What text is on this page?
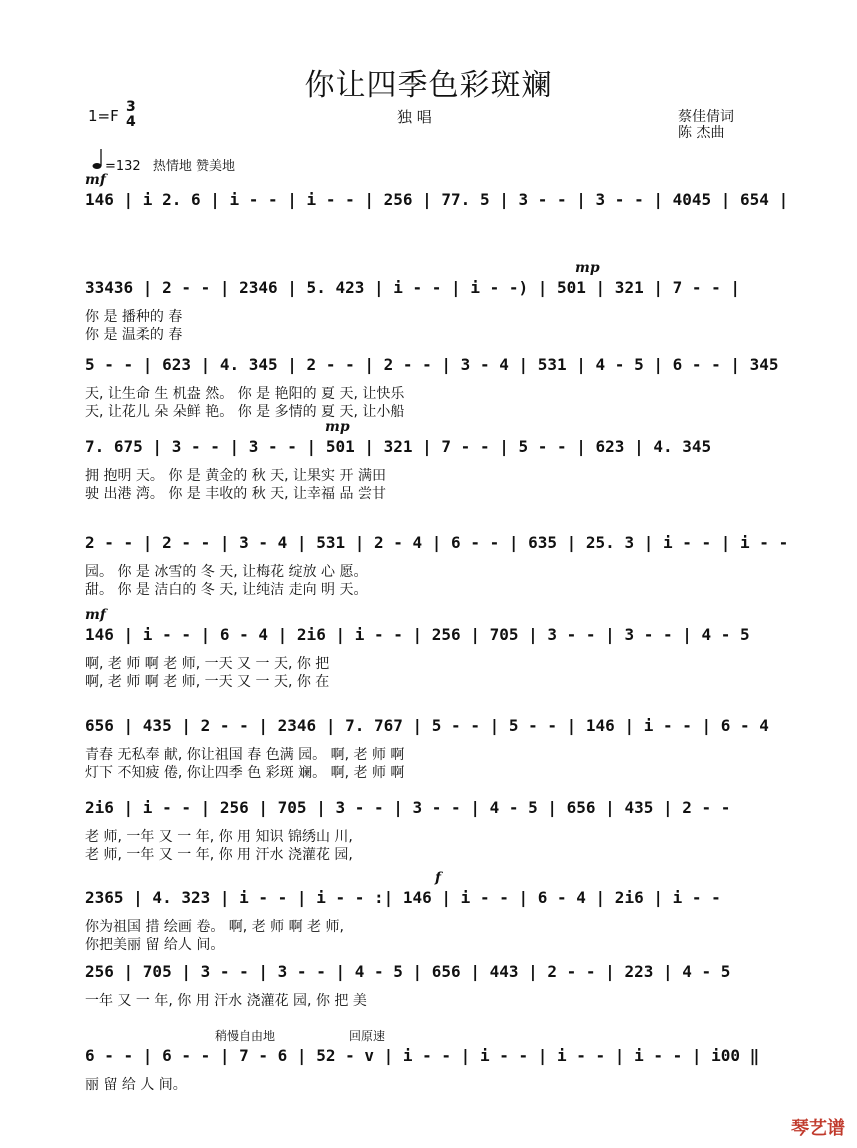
你让四季色彩斑斓
1=F 3
4	独 唱	蔡佳倩词
陈 杰曲
=132 热情地 赞美地
稍慢自由地	回原速
mf
146 | i 2. 6 | i - - | i - - | 256 | 77. 5 | 3 - - | 3 - - | 4045 | 654 |
mp
33436 | 2 - - | 2346 | 5. 423 | i - - | i - -) | 501 | 321 | 7 - - |
你 是 播种的 春
你 是 温柔的 春
5 - - | 623 | 4. 345 | 2 - - | 2 - - | 3 - 4 | 531 | 4 - 5 | 6 - - | 345
天, 让生命 生 机盎 然。 你 是 艳阳的 夏 天, 让快乐
天, 让花儿 朵 朵鲜 艳。 你 是 多情的 夏 天, 让小船
mp
7. 675 | 3 - - | 3 - - | 501 | 321 | 7 - - | 5 - - | 623 | 4. 345
拥 抱明 天。 你 是 黄金的 秋 天, 让果实 开 满田
驶 出港 湾。 你 是 丰收的 秋 天, 让幸福 品 尝甘
2 - - | 2 - - | 3 - 4 | 531 | 2 - 4 | 6 - - | 635 | 25. 3 | i - - | i - -
园。 你 是 冰雪的 冬 天, 让梅花 绽放 心 愿。
甜。 你 是 洁白的 冬 天, 让纯洁 走向 明 天。
mf
146 | i - - | 6 - 4 | 2i6 | i - - | 256 | 705 | 3 - - | 3 - - | 4 - 5
啊, 老 师 啊 老 师, 一天 又 一 天, 你 把
啊, 老 师 啊 老 师, 一天 又 一 天, 你 在
656 | 435 | 2 - - | 2346 | 7. 767 | 5 - - | 5 - - | 146 | i - - | 6 - 4
青春 无私奉 献, 你让祖国 春 色满 园。 啊, 老 师 啊
灯下 不知疲 倦, 你让四季 色 彩斑 斓。 啊, 老 师 啊
2i6 | i - - | 256 | 705 | 3 - - | 3 - - | 4 - 5 | 656 | 435 | 2 - -
老 师, 一年 又 一 年, 你 用 知识 锦绣山 川,
老 师, 一年 又 一 年, 你 用 汗水 浇灌花 园,
f
2365 | 4. 323 | i - - | i - - :| 146 | i - - | 6 - 4 | 2i6 | i - -
你为祖国 措 绘画 卷。 啊, 老 师 啊 老 师,
你把美丽 留 给人 间。
256 | 705 | 3 - - | 3 - - | 4 - 5 | 656 | 443 | 2 - - | 223 | 4 - 5
一年 又 一 年, 你 用 汗水 浇灌花 园, 你 把 美
6 - - | 6 - - | 7 - 6 | 52 - v | i - - | i - - | i - - | i - - | i00 ‖
丽 留 给 人 间。
琴艺谱
